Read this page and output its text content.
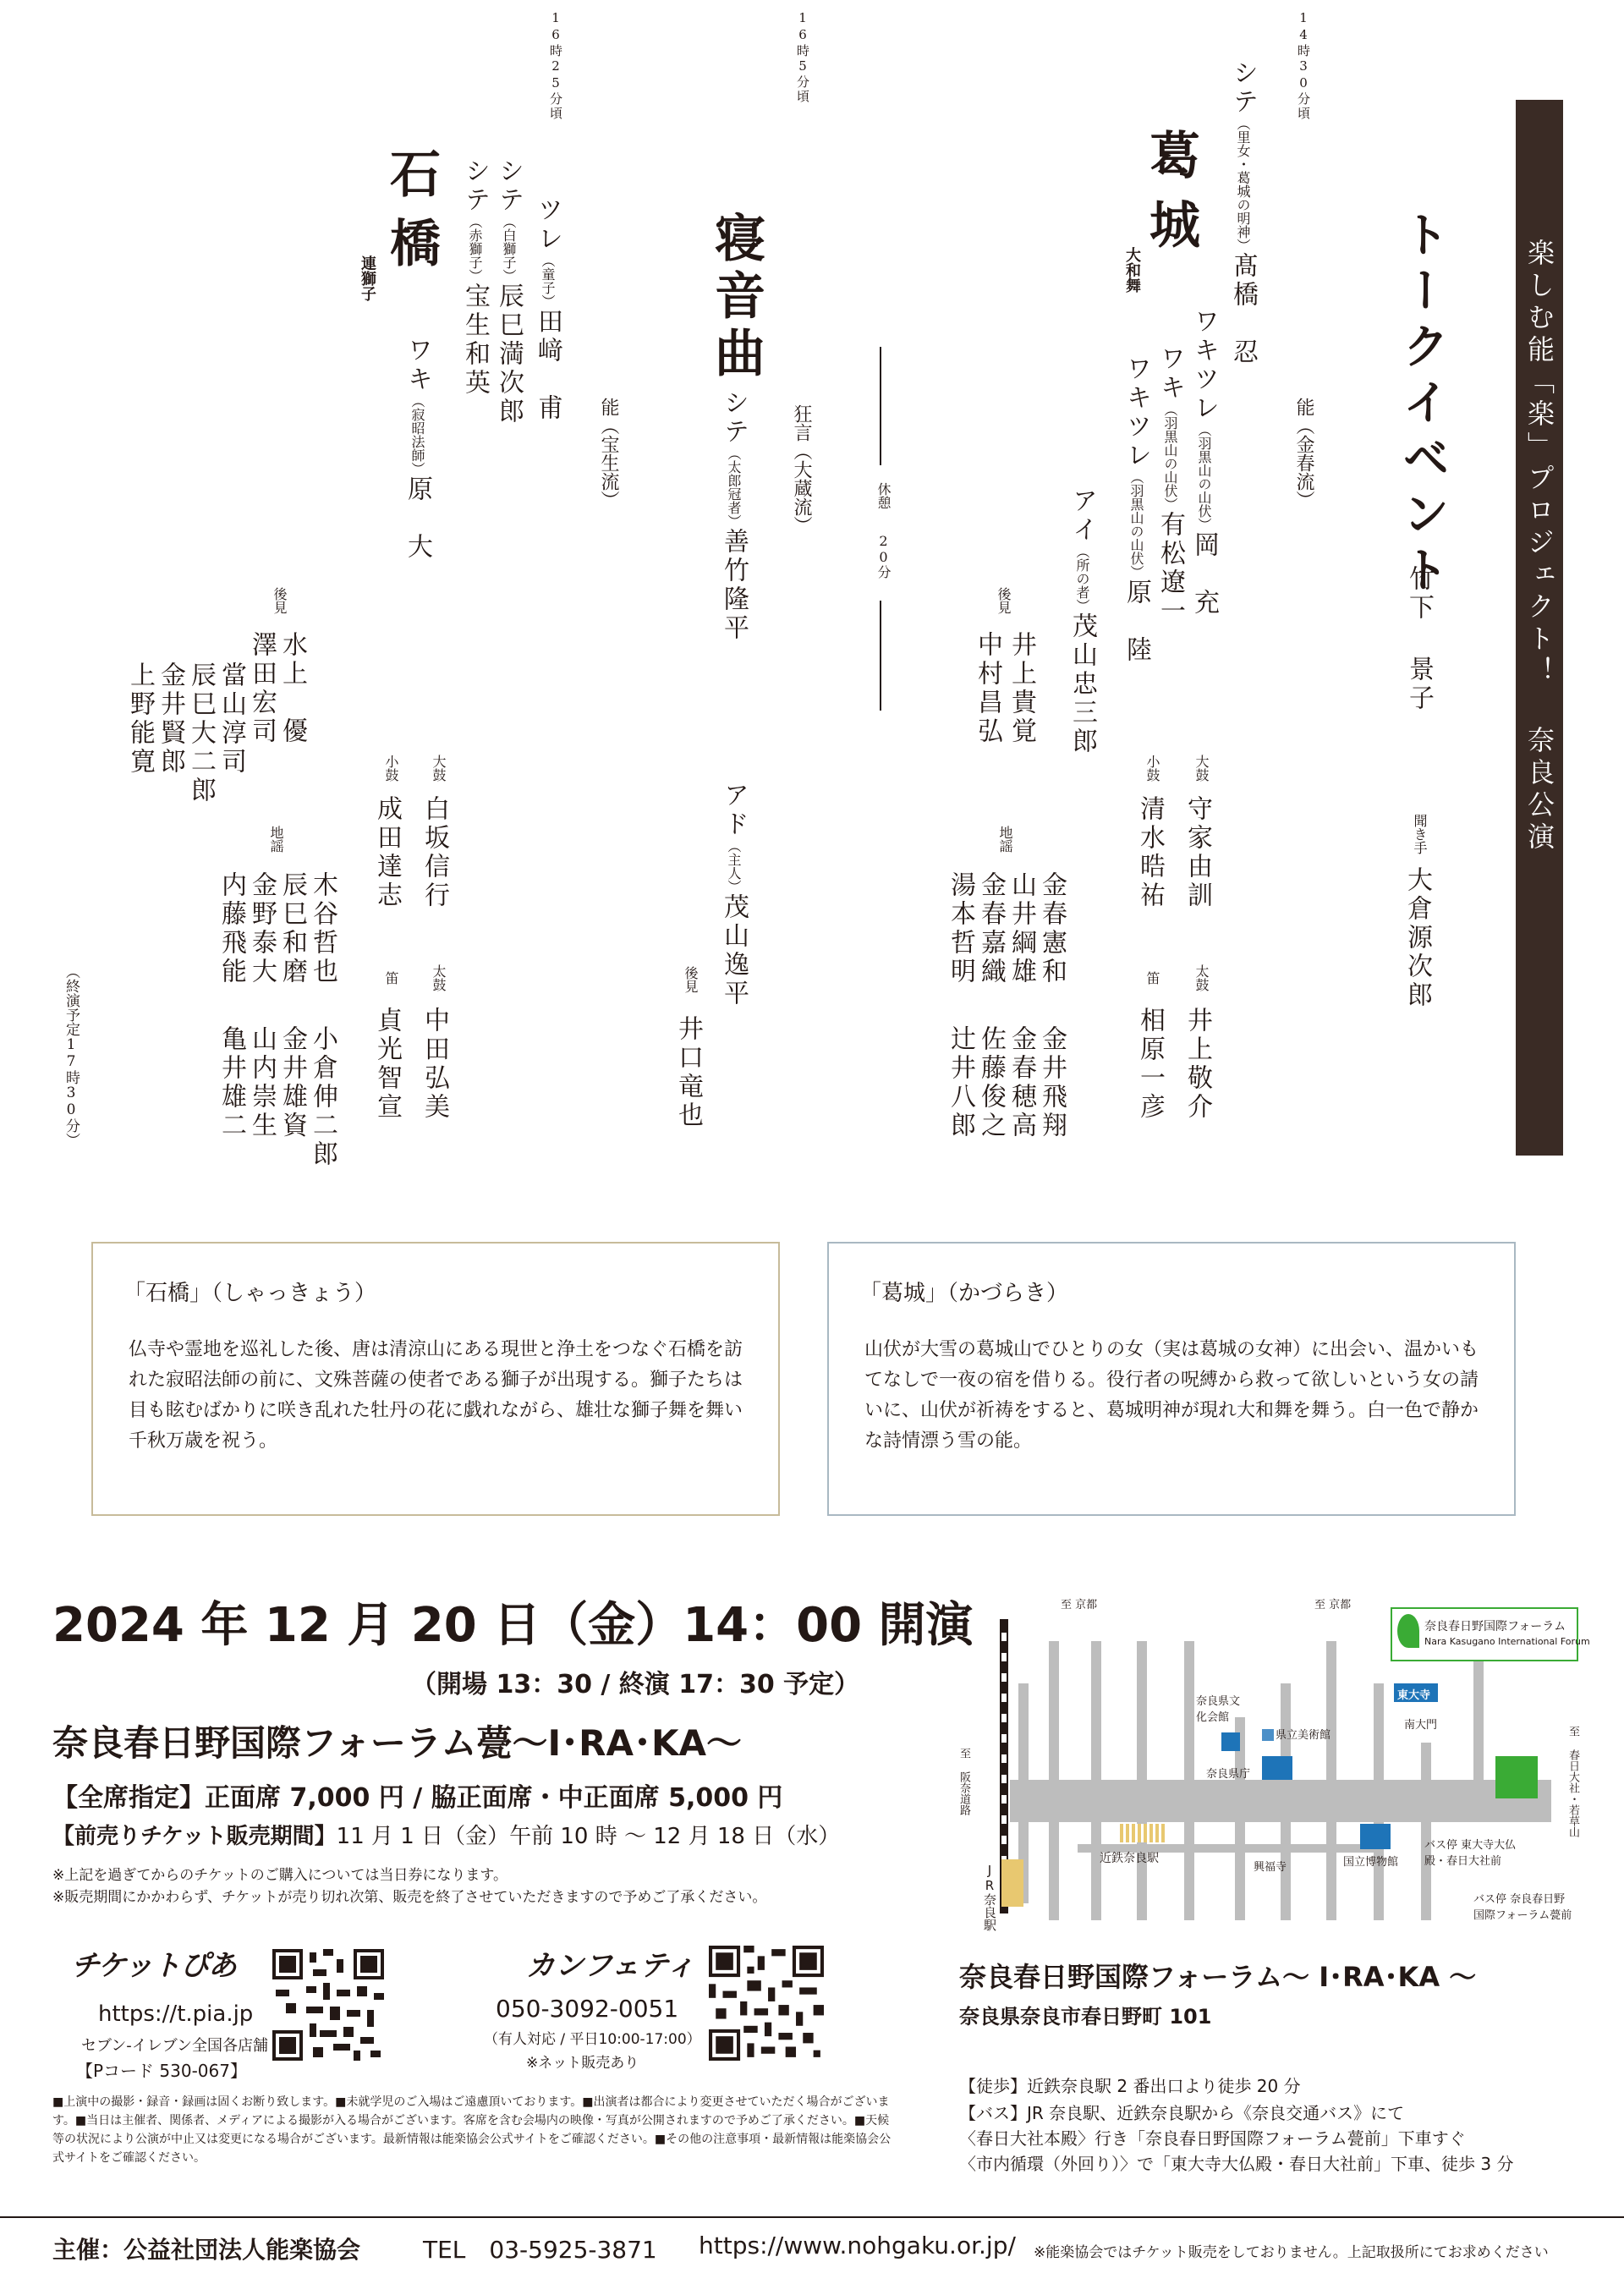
楽しむ能「楽」プロジェクト！ 奈良公演
トークイベント
竹下 景子
聞き手
大倉源次郎
14時30分頃
能（金春流）
葛城
大和舞
シテ（里女・葛城の明神）髙橋　忍
ワキツレ（羽黒山の山伏）岡　充
ワキ（羽黒山の山伏）有松遼一
ワキツレ（羽黒山の山伏）原　陸
アイ（所の者）茂山忠三郎
後見
井上貴覚
中村昌弘
大鼓
守家由訓
小鼓
清水晧祐
太鼓
井上敬介
笛
相原一彦
地謡
金春憲和
山井綱雄
金春嘉織
湯本哲明
金井飛翔
金春穂高
佐藤俊之
辻井八郎
休憩
20分
16時5分頃
狂言（大蔵流）
寝音曲
シテ（太郎冠者）善竹隆平
アド（主人）茂山逸平
後見
井口竜也
16時25分頃
能（宝生流）
石橋
連獅子
ツレ（童子）田﨑　甫
シテ（白獅子）辰巳満次郎
シテ（赤獅子）宝生和英
ワキ（寂昭法師）原　大
後見
水上　優
澤田宏司
當山淳司
辰巳大二郎
金井賢郎
上野能寛	大鼓
白坂信行
小鼓
成田達志
太鼓
中田弘美
笛
貞光智宣
地謡
木谷哲也
辰巳和磨
金野泰大
内藤飛能
小倉伸二郎
金井雄資
山内崇生
亀井雄二
（終演予定17時30分）
「石橋」（しゃっきょう）

仏寺や霊地を巡礼した後、唐は清涼山にある現世と浄土をつなぐ石橋を訪れた寂昭法師の前に、文殊菩薩の使者である獅子が出現する。獅子たちは目も眩むばかりに咲き乱れた牡丹の花に戯れながら、雄壮な獅子舞を舞い千秋万歳を祝う。

「葛城」（かづらき）

山伏が大雪の葛城山でひとりの女（実は葛城の女神）に出会い、温かいもてなしで一夜の宿を借りる。役行者の呪縛から救って欲しいという女の請いに、山伏が祈祷をすると、葛城明神が現れ大和舞を舞う。白一色で静かな詩情漂う雪の能。

2024 年 12 月 20 日（金）14：00 開演
（開場 13：30 / 終演 17：30 予定）
奈良春日野国際フォーラム甍～I･RA･KA～
【全席指定】正面席 7,000 円 / 脇正面席・中正面席 5,000 円
【前売りチケット販売期間】11 月 1 日（金）午前 10 時 ～ 12 月 18 日（水）
※上記を過ぎてからのチケットのご購入については当日券になります。
※販売期間にかかわらず、チケットが売り切れ次第、販売を終了させていただきますので予めご了承ください。
チケットぴあ
https://t.pia.jp
セブン-イレブン全国各店舗
【Pコード 530-067】
カンフェティ
050-3092-0051
（有人対応 / 平日10:00-17:00）
※ネット販売あり
■上演中の撮影・録音・録画は固くお断り致します。■未就学児のご入場はご遠慮頂いております。■出演者は都合により変更させていただく場合がございます。■当日は主催者、関係者、メディアによる撮影が入る場合がございます。客席を含む会場内の映像・写真が公開されますので予めご了承ください。■天候等の状況により公演が中止又は変更になる場合がございます。最新情報は能楽協会公式サイトをご確認ください。■その他の注意事項・最新情報は能楽協会公式サイトをご確認ください。
至 京都	至 京都
至 阪奈道路	至 春日大社・若草山
奈良県文化会館
県立美術館
奈良県庁
東大寺
南大門
近鉄奈良駅
興福寺	国立博物館
JR奈良駅
バス停 東大寺大仏殿・春日大社前
バス停 奈良春日野国際フォーラム甍前
奈良春日野国際フォーラム
Nara Kasugano International Forum
奈良春日野国際フォーラム～ I･RA･KA ～
奈良県奈良市春日野町 101
【徒歩】近鉄奈良駅 2 番出口より徒歩 20 分
【バス】JR 奈良駅、近鉄奈良駅から《奈良交通バス》にて
〈春日大社本殿〉行き「奈良春日野国際フォーラム甍前」下車すぐ
〈市内循環（外回り）〉で「東大寺大仏殿・春日大社前」下車、徒歩 3 分
主催：公益社団法人能楽協会	TEL　03-5925-3871 https://www.nohgaku.or.jp/ ※能楽協会ではチケット販売をしておりません。上記取扱所にてお求めください
